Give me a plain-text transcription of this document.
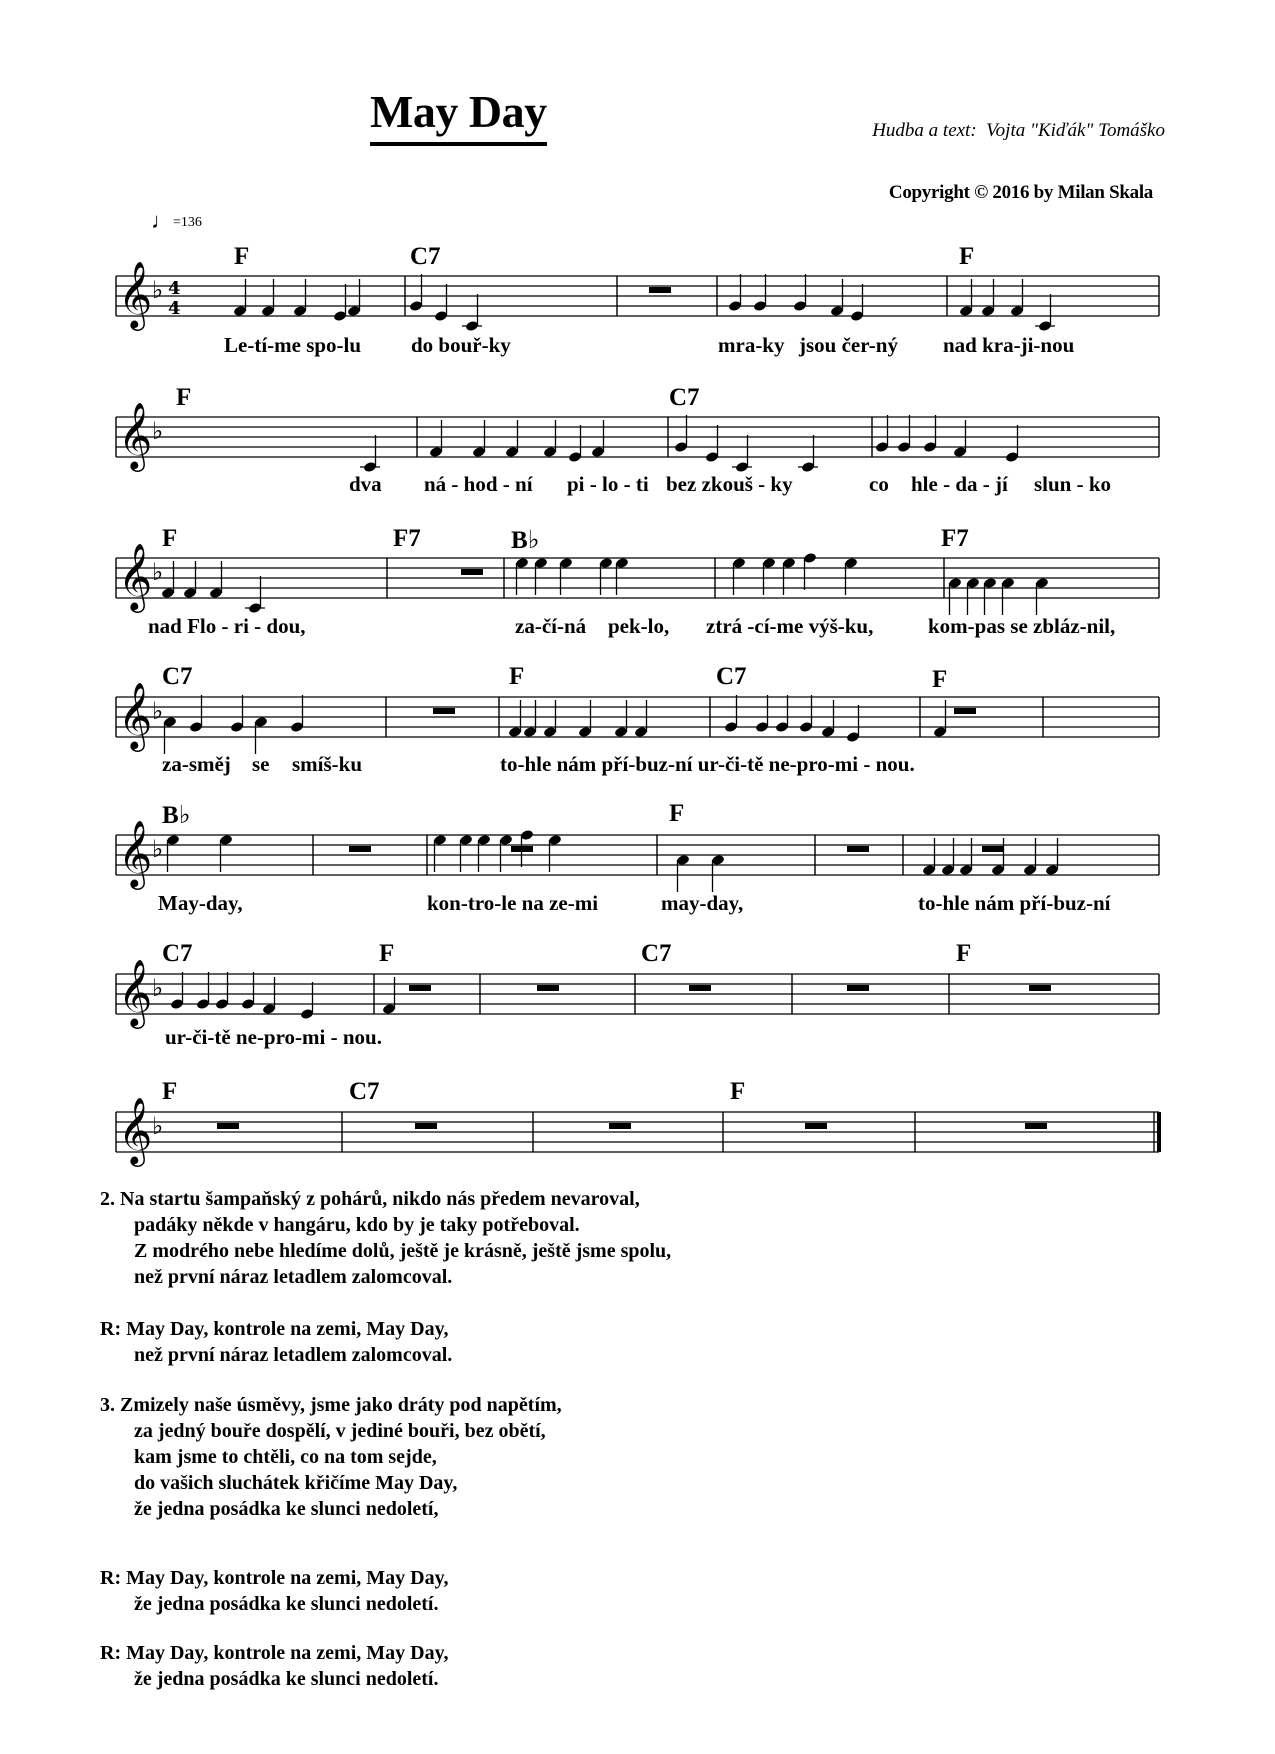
May Day	Hudba a text:  Vojta "Kiďák" Tomáško
Copyright © 2016 by Milan Skala
♩=136
𝄞 ♭ 4
4
𝄞 ♭
𝄞 ♭
𝄞 ♭
𝄞 ♭
𝄞 ♭
𝄞 ♭
F	C7	F
Le-tí-me spo-lu do bouř-ky	mra-ky jsou čer-ný nad kra-ji-nou
F	C7
dva ná - hod - ní pi - lo - ti bez zkouš - ky	co hle - da - jí slun - ko
F	F7	B♭	F7
nad Flo - ri - dou,	za-čí-ná pek-lo, ztrá -cí-me výš-ku,	kom-pas se zbláz-nil,
C7	F	C7	F
za-směj se smíš-ku	to-hle nám pří-buz-ní ur-či-tě ne-pro-mi - nou.
B♭	F
May-day,	kon-tro-le na ze-mi	may-day,	to-hle nám pří-buz-ní
C7	F	C7	F
ur-či-tě ne-pro-mi - nou.
F	C7	F
2. Na startu šampaňský z pohárů, nikdo nás předem nevaroval,
padáky někde v hangáru, kdo by je taky potřeboval.
Z modrého nebe hledíme dolů, ještě je krásně, ještě jsme spolu,
než první náraz letadlem zalomcoval.
R: May Day, kontrole na zemi, May Day,
než první náraz letadlem zalomcoval.
3. Zmizely naše úsměvy, jsme jako dráty pod napětím,
za jedný bouře dospělí, v jediné bouři, bez obětí,
kam jsme to chtěli, co na tom sejde,
do vašich sluchátek křičíme May Day,
že jedna posádka ke slunci nedoletí,
R: May Day, kontrole na zemi, May Day,
že jedna posádka ke slunci nedoletí.
R: May Day, kontrole na zemi, May Day,
že jedna posádka ke slunci nedoletí.
